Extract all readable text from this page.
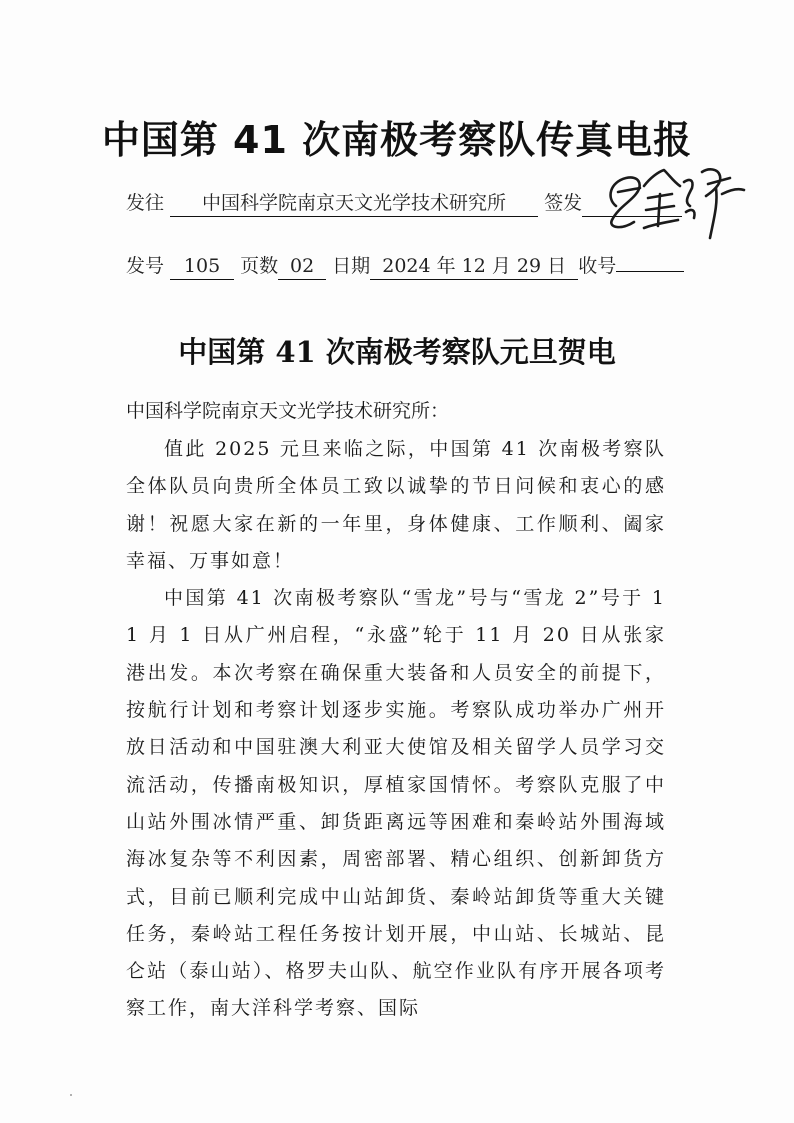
中国第 41 次南极考察队传真电报
发往 中国科学院南京天文光学技术研究所 签发
发号 105 页数 02 日期 2024 年 12 月 29 日 收号
中国第 41 次南极考察队元旦贺电

中国科学院南京天文光学技术研究所：

值此 2025 元旦来临之际，中国第 41 次南极考察队全体队员向贵所全体员工致以诚挚的节日问候和衷心的感谢！祝愿大家在新的一年里，身体健康、工作顺利、阖家幸福、万事如意！

中国第 41 次南极考察队“雪龙”号与“雪龙 2”号于 11 月 1 日从广州启程，“永盛”轮于 11 月 20 日从张家港出发。本次考察在确保重大装备和人员安全的前提下，按航行计划和考察计划逐步实施。考察队成功举办广州开放日活动和中国驻澳大利亚大使馆及相关留学人员学习交流活动，传播南极知识，厚植家国情怀。考察队克服了中山站外围冰情严重、卸货距离远等困难和秦岭站外围海域海冰复杂等不利因素，周密部署、精心组织、创新卸货方式，目前已顺利完成中山站卸货、秦岭站卸货等重大关键任务，秦岭站工程任务按计划开展，中山站、长城站、昆仑站（泰山站）、格罗夫山队、航空作业队有序开展各项考察工作，南大洋科学考察、国际
